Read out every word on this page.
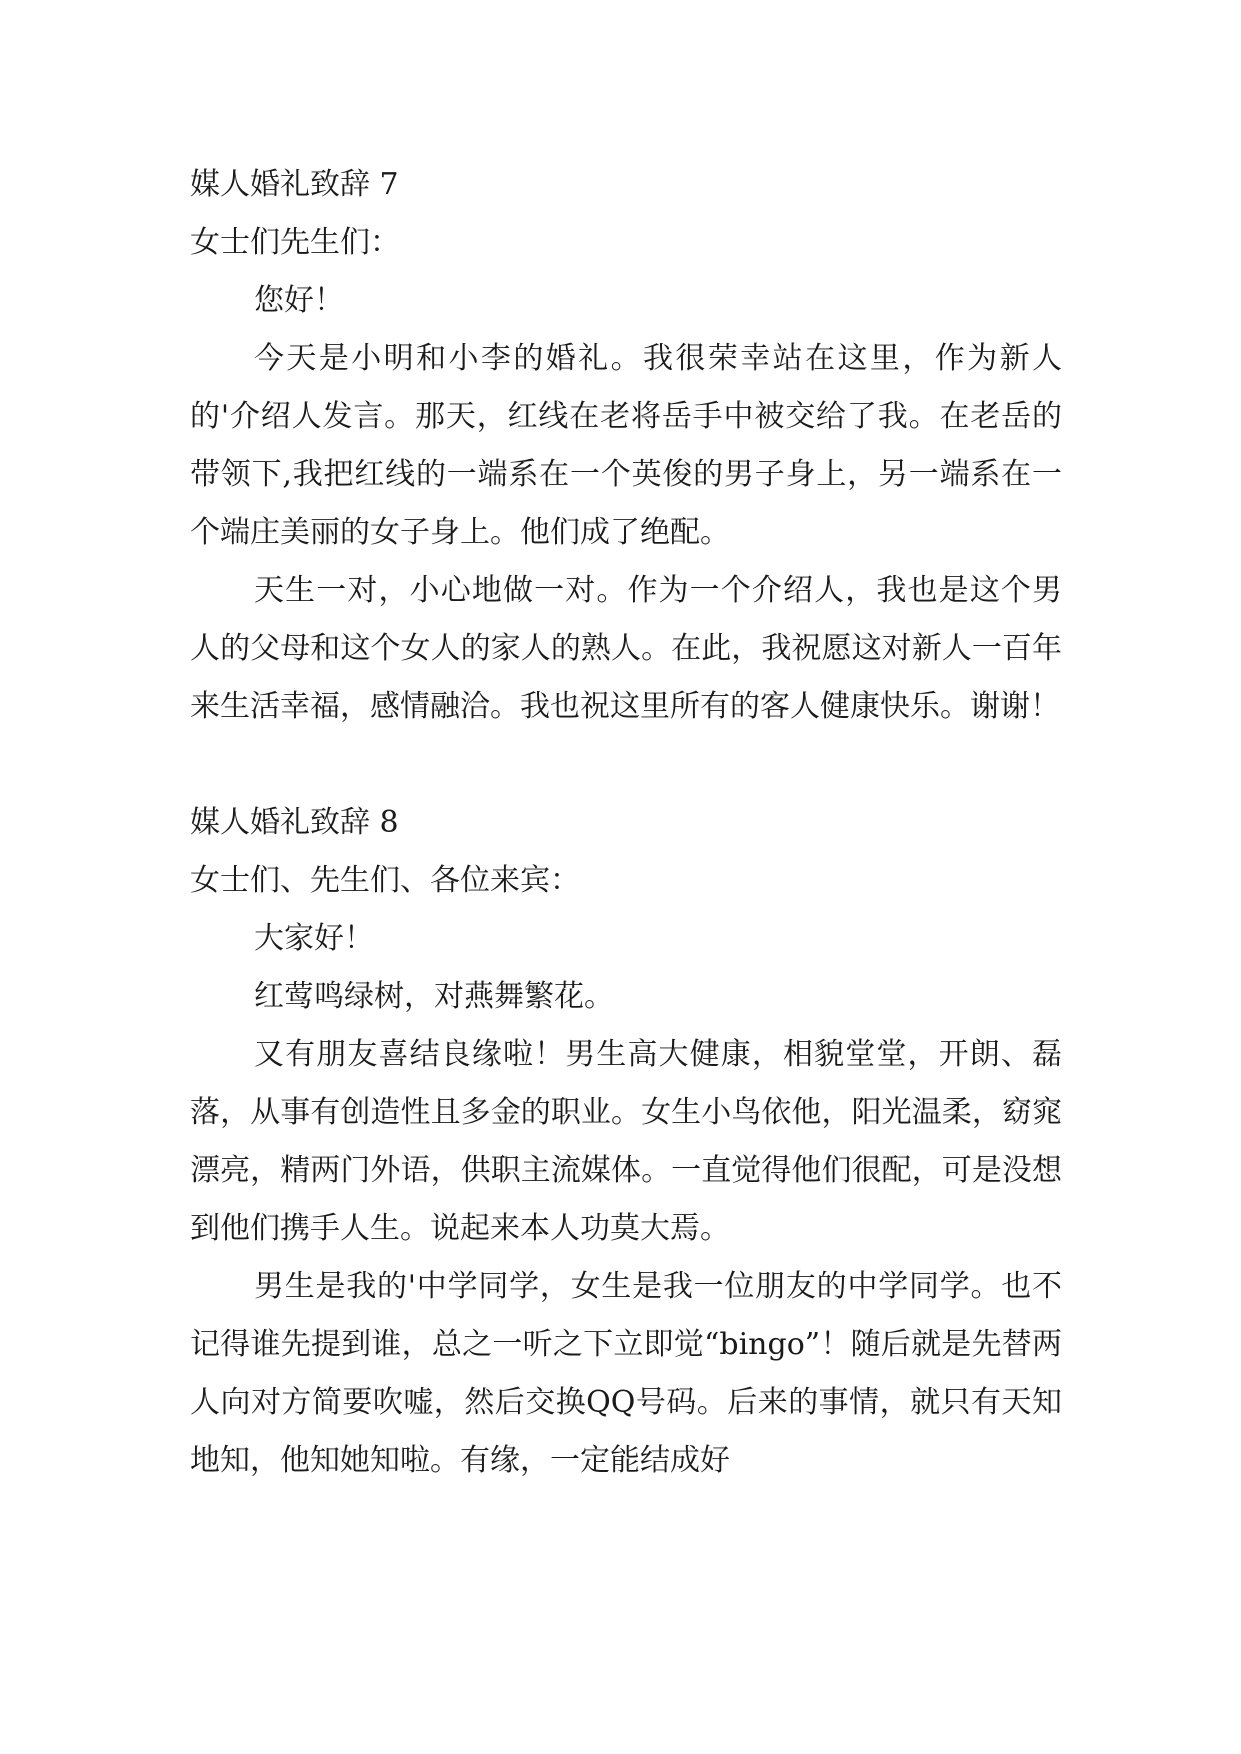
媒人婚礼致辞 7

女士们先生们：

您好！

今天是小明和小李的婚礼。我很荣幸站在这里，作为新人的'介绍人发言。那天，红线在老将岳手中被交给了我。在老岳的带领下,我把红线的一端系在一个英俊的男子身上，另一端系在一个端庄美丽的女子身上。他们成了绝配。

天生一对，小心地做一对。作为一个介绍人，我也是这个男人的父母和这个女人的家人的熟人。在此，我祝愿这对新人一百年来生活幸福，感情融洽。我也祝这里所有的客人健康快乐。谢谢！

媒人婚礼致辞 8

女士们、先生们、各位来宾：

大家好！

红莺鸣绿树，对燕舞繁花。

又有朋友喜结良缘啦！男生高大健康，相貌堂堂，开朗、磊落，从事有创造性且多金的职业。女生小鸟依他，阳光温柔，窈窕漂亮，精两门外语，供职主流媒体。一直觉得他们很配，可是没想到他们携手人生。说起来本人功莫大焉。

男生是我的'中学同学，女生是我一位朋友的中学同学。也不记得谁先提到谁，总之一听之下立即觉“bingo”！随后就是先替两人向对方简要吹嘘，然后交换QQ号码。后来的事情，就只有天知地知，他知她知啦。有缘，一定能结成好
